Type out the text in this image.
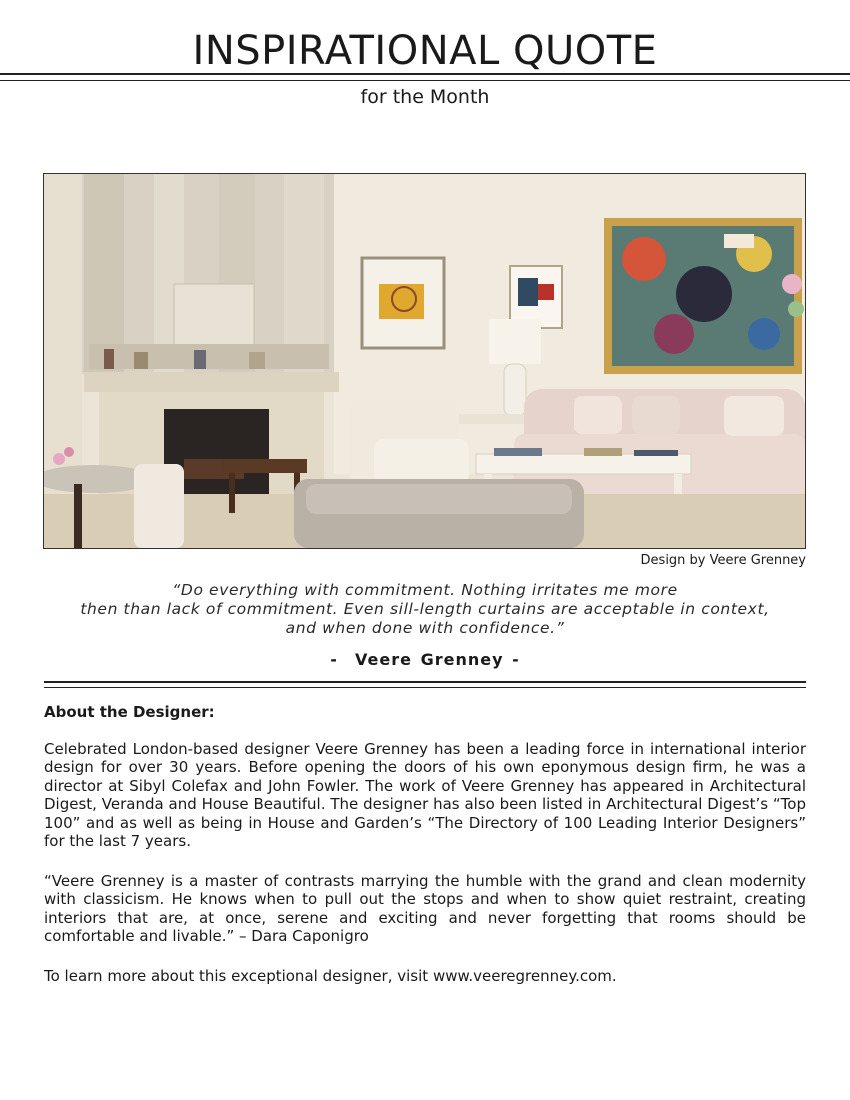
INSPIRATIONAL QUOTE
for the Month
Design by Veere Grenney
“Do everything with commitment. Nothing irritates me more
then than lack of commitment. Even sill-length curtains are acceptable in context,
and when done with confidence.”
-  Veere Grenney -
About the Designer:
Celebrated London-based designer Veere Grenney has been a leading force in international interior design for over 30 years. Before opening the doors of his own eponymous design firm, he was a director at Sibyl Colefax and John Fowler. The work of Veere Grenney has appeared in Architectural Digest, Veranda and House Beautiful. The designer has also been listed in Architectural Digest’s “Top 100” and as well as being in House and Garden’s “The Directory of 100 Leading Interior Designers” for the last 7 years.
“Veere Grenney is a master of contrasts marrying the humble with the grand and clean modernity with classicism. He knows when to pull out the stops and when to show quiet restraint, creating interiors that are, at once, serene and exciting and never forgetting that rooms should be comfortable and livable.” – Dara Caponigro
To learn more about this exceptional designer, visit www.veeregrenney.com.
